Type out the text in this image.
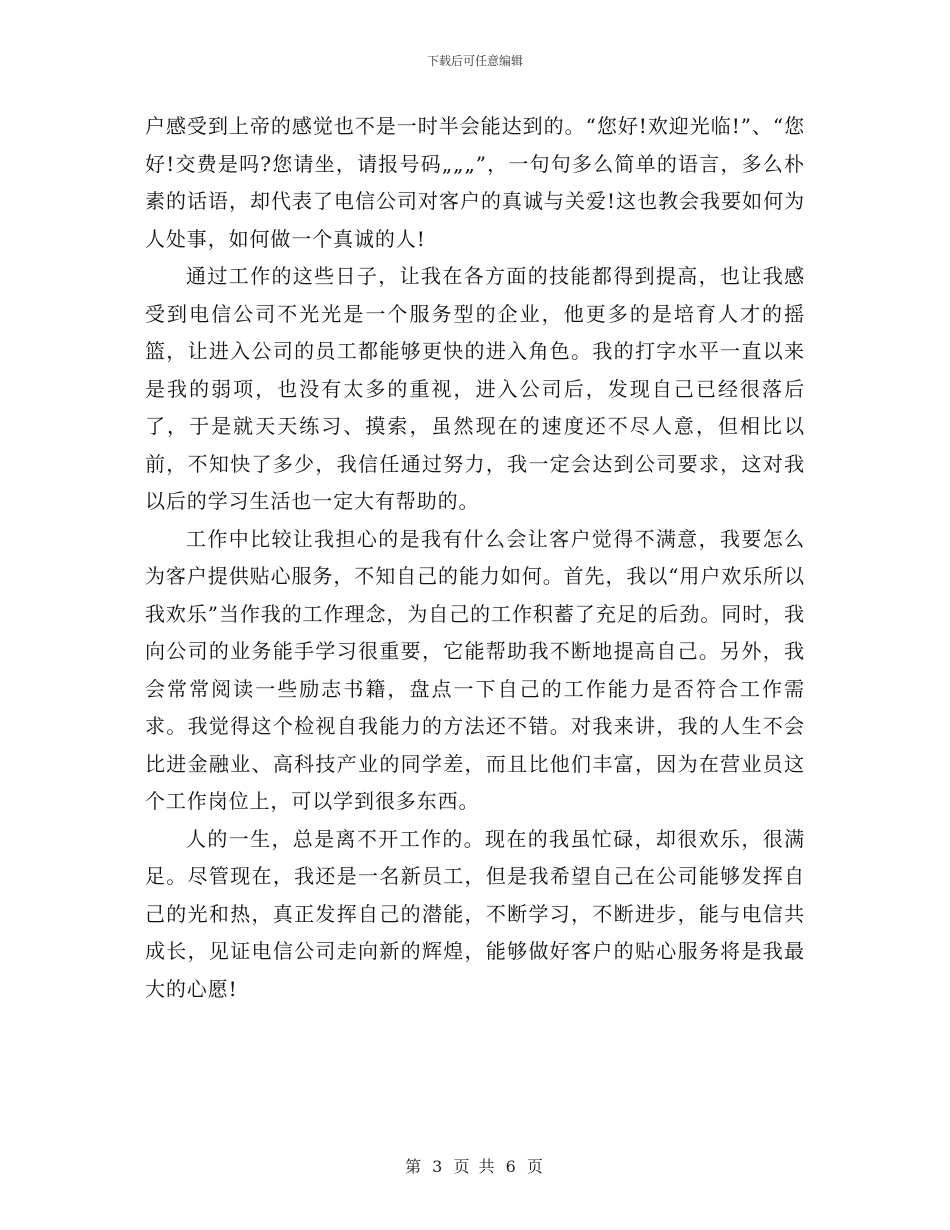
下载后可任意编辑

户感受到上帝的感觉也不是一时半会能达到的。“您好!欢迎光临!”、“您好!交费是吗?您请坐，请报号码„„„”，一句句多么简单的语言，多么朴素的话语，却代表了电信公司对客户的真诚与关爱!这也教会我要如何为人处事，如何做一个真诚的人!

通过工作的这些日子，让我在各方面的技能都得到提高，也让我感受到电信公司不光光是一个服务型的企业，他更多的是培育人才的摇篮，让进入公司的员工都能够更快的进入角色。我的打字水平一直以来是我的弱项，也没有太多的重视，进入公司后，发现自己已经很落后了，于是就天天练习、摸索，虽然现在的速度还不尽人意，但相比以前，不知快了多少，我信任通过努力，我一定会达到公司要求，这对我以后的学习生活也一定大有帮助的。

工作中比较让我担心的是我有什么会让客户觉得不满意，我要怎么为客户提供贴心服务，不知自己的能力如何。首先，我以“用户欢乐所以我欢乐”当作我的工作理念，为自己的工作积蓄了充足的后劲。同时，我向公司的业务能手学习很重要，它能帮助我不断地提高自己。另外，我会常常阅读一些励志书籍，盘点一下自己的工作能力是否符合工作需求。我觉得这个检视自我能力的方法还不错。对我来讲，我的人生不会比进金融业、高科技产业的同学差，而且比他们丰富，因为在营业员这个工作岗位上，可以学到很多东西。

人的一生，总是离不开工作的。现在的我虽忙碌，却很欢乐，很满足。尽管现在，我还是一名新员工，但是我希望自己在公司能够发挥自己的光和热，真正发挥自己的潜能，不断学习，不断进步，能与电信共成长，见证电信公司走向新的辉煌，能够做好客户的贴心服务将是我最大的心愿!

第 3 页 共 6 页
